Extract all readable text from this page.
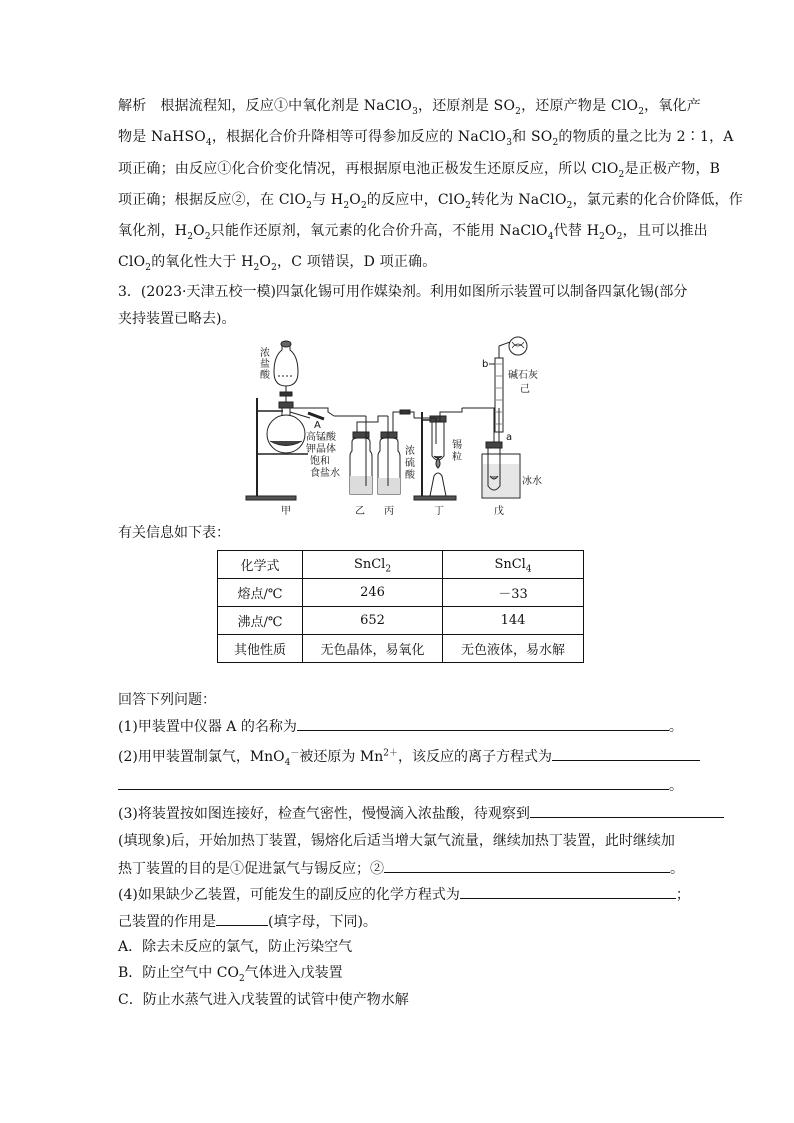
解析 根据流程知，反应①中氧化剂是 NaClO$_3$，还原剂是 $SO_2$，还原产物是 ClO$_2$，氧化产
物是 NaHSO$_4$，根据化合价升降相等可得参加反应的 NaClO$_3$和 $SO_2$的物质的量之比为 2∶1，A
项正确；由反应①化合价变化情况，再根据原电池正极发生还原反应，所以 ClO$_2$是正极产物，B
项正确；根据反应②，在 ClO$_2$与 $H_2O_2$的反应中，ClO$_2$转化为 NaClO$_2$，氯元素的化合价降低，作
氧化剂，$H_2O_2$只能作还原剂，氧元素的化合价升高，不能用 NaClO$_4$代替 $H_2O_2$，且可以推出
ClO$_2$的氧化性大于 $H_2O_2$，C 项错误，D 项正确。
3．(2023·天津五校一模)四氯化锡可用作媒染剂。利用如图所示装置可以制备四氯化锡(部分
夹持装置已略去)。
浓
盐
酸
A
高锰酸
钾晶体
饱和
食盐水
浓
硫
酸
锡
粒
b
a
碱石灰
己
冰水
甲	乙 丙	丁	戊
有关信息如下表：
化学式	SnCl$_2$	SnCl$_4$
熔点/℃	246	－33
沸点/℃	652	144
其他性质	无色晶体，易氧化	无色液体，易水解
回答下列问题：
(1)甲装置中仪器 A 的名称为	。
(2)用甲装置制氯气，MnO$_4$－被还原为 $Mn^{2+}$，该反应的离子方程式为
。
(3)将装置按如图连接好，检查气密性，慢慢滴入浓盐酸，待观察到
(填现象)后，开始加热丁装置，锡熔化后适当增大氯气流量，继续加热丁装置，此时继续加
热丁装置的目的是①促进氯气与锡反应；②	。
(4)如果缺少乙装置，可能发生的副反应的化学方程式为	；
己装置的作用是	(填字母，下同)。
A．除去未反应的氯气，防止污染空气
B．防止空气中 $CO_2$气体进入戊装置
C．防止水蒸气进入戊装置的试管中使产物水解
